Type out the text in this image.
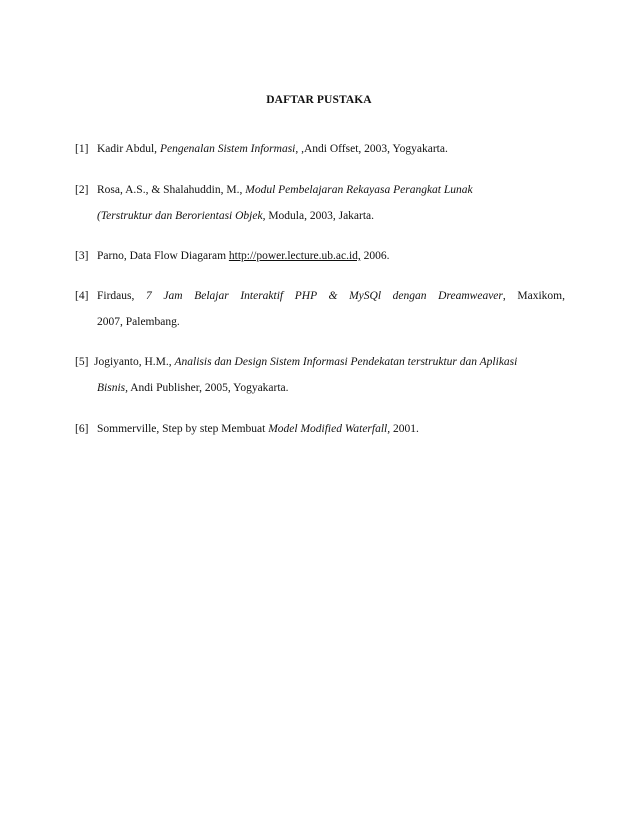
DAFTAR PUSTAKA
[1] Kadir Abdul, Pengenalan Sistem Informasi, ,Andi Offset, 2003, Yogyakarta.
[2] Rosa, A.S., & Shalahuddin, M., Modul Pembelajaran Rekayasa Perangkat Lunak
(Terstruktur dan Berorientasi Objek, Modula, 2003, Jakarta.
[3] Parno, Data Flow Diagaram http://power.lecture.ub.ac.id, 2006.
[4] Firdaus, 7 Jam Belajar Interaktif PHP & MySQl dengan Dreamweaver, Maxikom,
2007, Palembang.
[5] Jogiyanto, H.M., Analisis dan Design Sistem Informasi Pendekatan terstruktur dan Aplikasi
Bisnis, Andi Publisher, 2005, Yogyakarta.
[6] Sommerville, Step by step Membuat Model Modified Waterfall, 2001.
